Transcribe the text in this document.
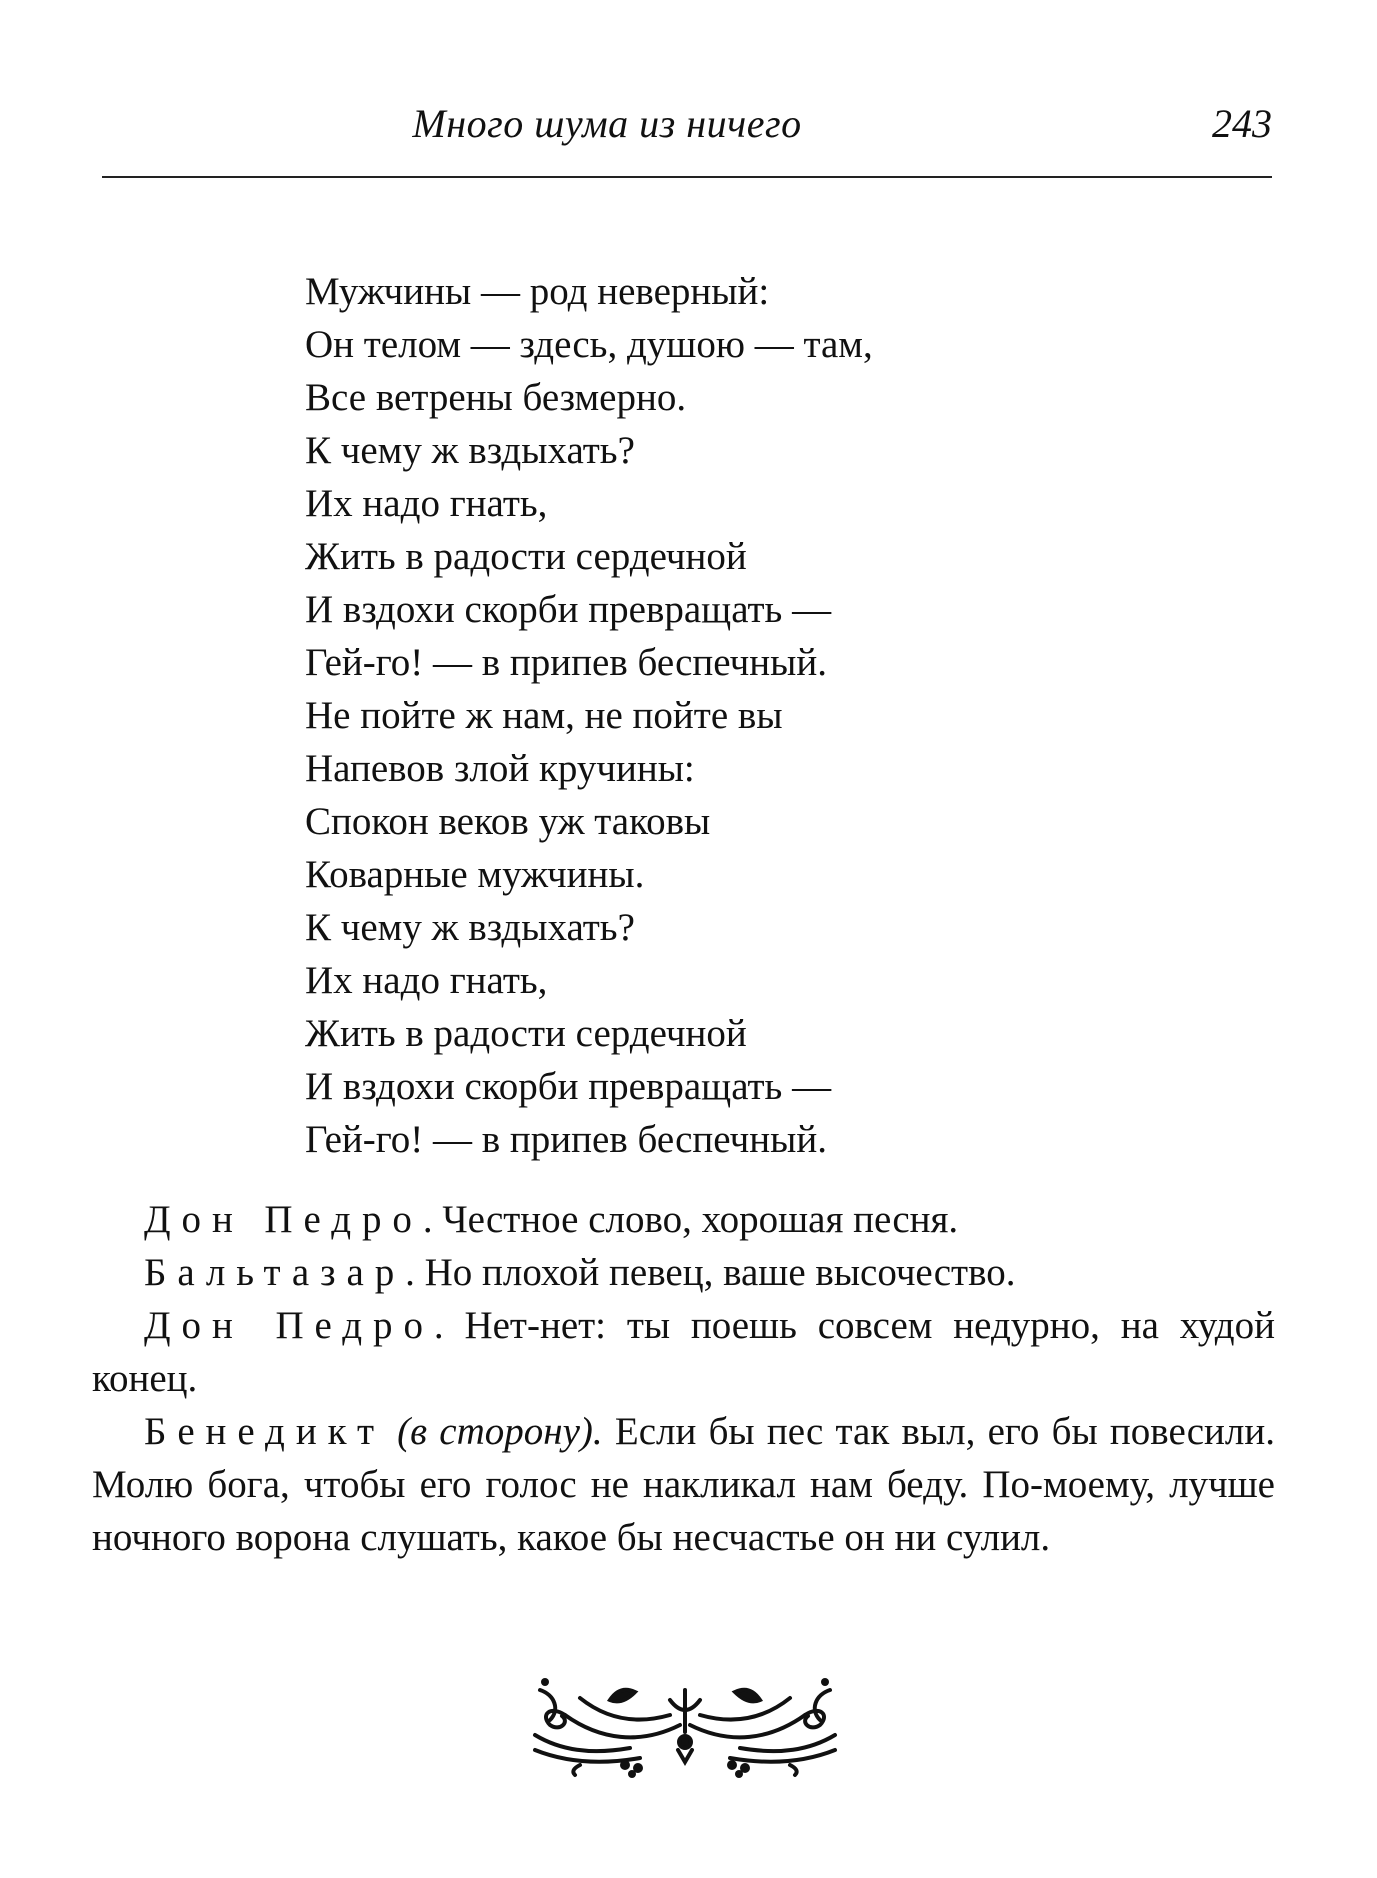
Много шума из ничего	243
Мужчины — род неверный:
Он телом — здесь, душою — там,
Все ветрены безмерно.
К чему ж вздыхать?
Их надо гнать,
Жить в радости сердечной
И вздохи скорби превращать —
Гей-го! — в припев беспечный.
Не пойте ж нам, не пойте вы
Напевов злой кручины:
Спокон веков уж таковы
Коварные мужчины.
К чему ж вздыхать?
Их надо гнать,
Жить в радости сердечной
И вздохи скорби превращать —
Гей-го! — в припев беспечный.

Дон Педро. Честное слово, хорошая песня.

Бальтазар. Но плохой певец, ваше высочество.

Дон Педро. Нет-нет: ты поешь совсем недурно, на худой конец.

Бенедикт (в сторону). Если бы пес так выл, его бы повесили. Молю бога, чтобы его голос не накликал нам беду. По-моему, лучше ночного ворона слушать, какое бы несчастье он ни сулил.
